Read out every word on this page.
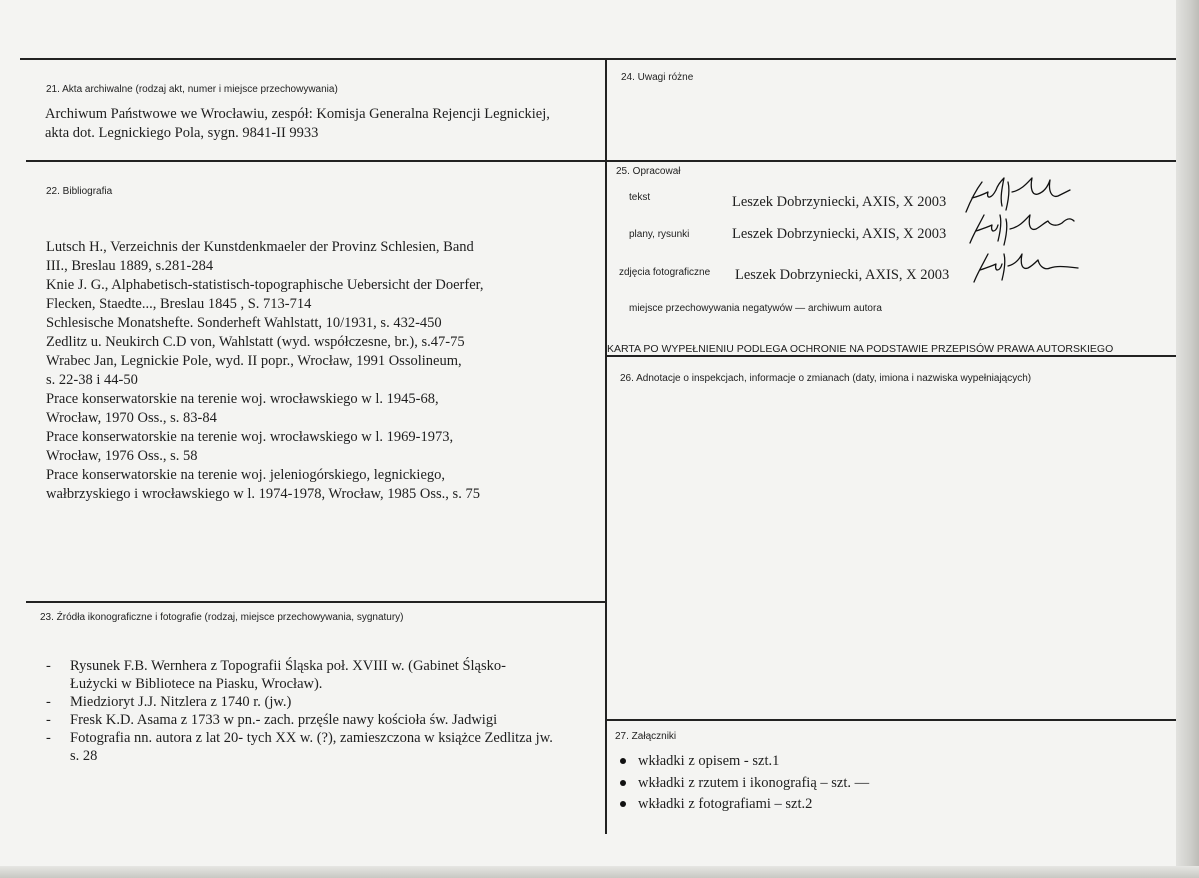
21. Akta archiwalne (rodzaj akt, numer i miejsce przechowywania)

Archiwum Państwowe we Wrocławiu, zespół: Komisja Generalna Rejencji Legnickiej,
akta dot. Legnickiego Pola, sygn. 9841-II 9933

22. Bibliografia

Lutsch H., Verzeichnis der Kunstdenkmaeler der Provinz Schlesien, Band
III., Breslau 1889, s.281-284
Knie J. G., Alphabetisch-statistisch-topographische Uebersicht der Doerfer,
Flecken, Staedte..., Breslau 1845 , S. 713-714
Schlesische Monatshefte. Sonderheft Wahlstatt, 10/1931, s. 432-450
Zedlitz u. Neukirch C.D von, Wahlstatt (wyd. współczesne, br.), s.47-75
Wrabec Jan, Legnickie Pole, wyd. II popr., Wrocław, 1991 Ossolineum,
s. 22-38 i 44-50
Prace konserwatorskie na terenie woj. wrocławskiego w l. 1945-68,
Wrocław, 1970 Oss., s. 83-84
Prace konserwatorskie na terenie woj. wrocławskiego w l. 1969-1973,
Wrocław, 1976 Oss., s. 58
Prace konserwatorskie na terenie woj. jeleniogórskiego, legnickiego,
wałbrzyskiego i wrocławskiego w l. 1974-1978, Wrocław, 1985 Oss., s. 75

23. Źródła ikonograficzne i fotografie (rodzaj, miejsce przechowywania, sygnatury)

- Rysunek F.B. Wernhera z Topografii Śląska poł. XVIII w. (Gabinet Śląsko-
Łużycki w Bibliotece na Piasku, Wrocław).
- Miedzioryt J.J. Nitzlera z 1740 r. (jw.)
- Fresk K.D. Asama z 1733 w pn.- zach. przęśle nawy kościoła św. Jadwigi
- Fotografia nn. autora z lat 20- tych XX w. (?), zamieszczona w książce Zedlitza jw.
s. 28

24. Uwagi różne

25. Opracował

tekst	Leszek Dobrzyniecki, AXIS, X 2003
plany, rysunki	Leszek Dobrzyniecki, AXIS, X 2003
zdjęcia fotograficzne Leszek Dobrzyniecki, AXIS, X 2003

miejsce przechowywania negatywów — archiwum autora

KARTA PO WYPEŁNIENIU PODLEGA OCHRONIE NA PODSTAWIE PRZEPISÓW PRAWA AUTORSKIEGO

26. Adnotacje o inspekcjach, informacje o zmianach (daty, imiona i nazwiska wypełniających)

27. Załączniki

wkładki z opisem - szt.1
wkładki z rzutem i ikonografią – szt. —
wkładki z fotografiami – szt.2
